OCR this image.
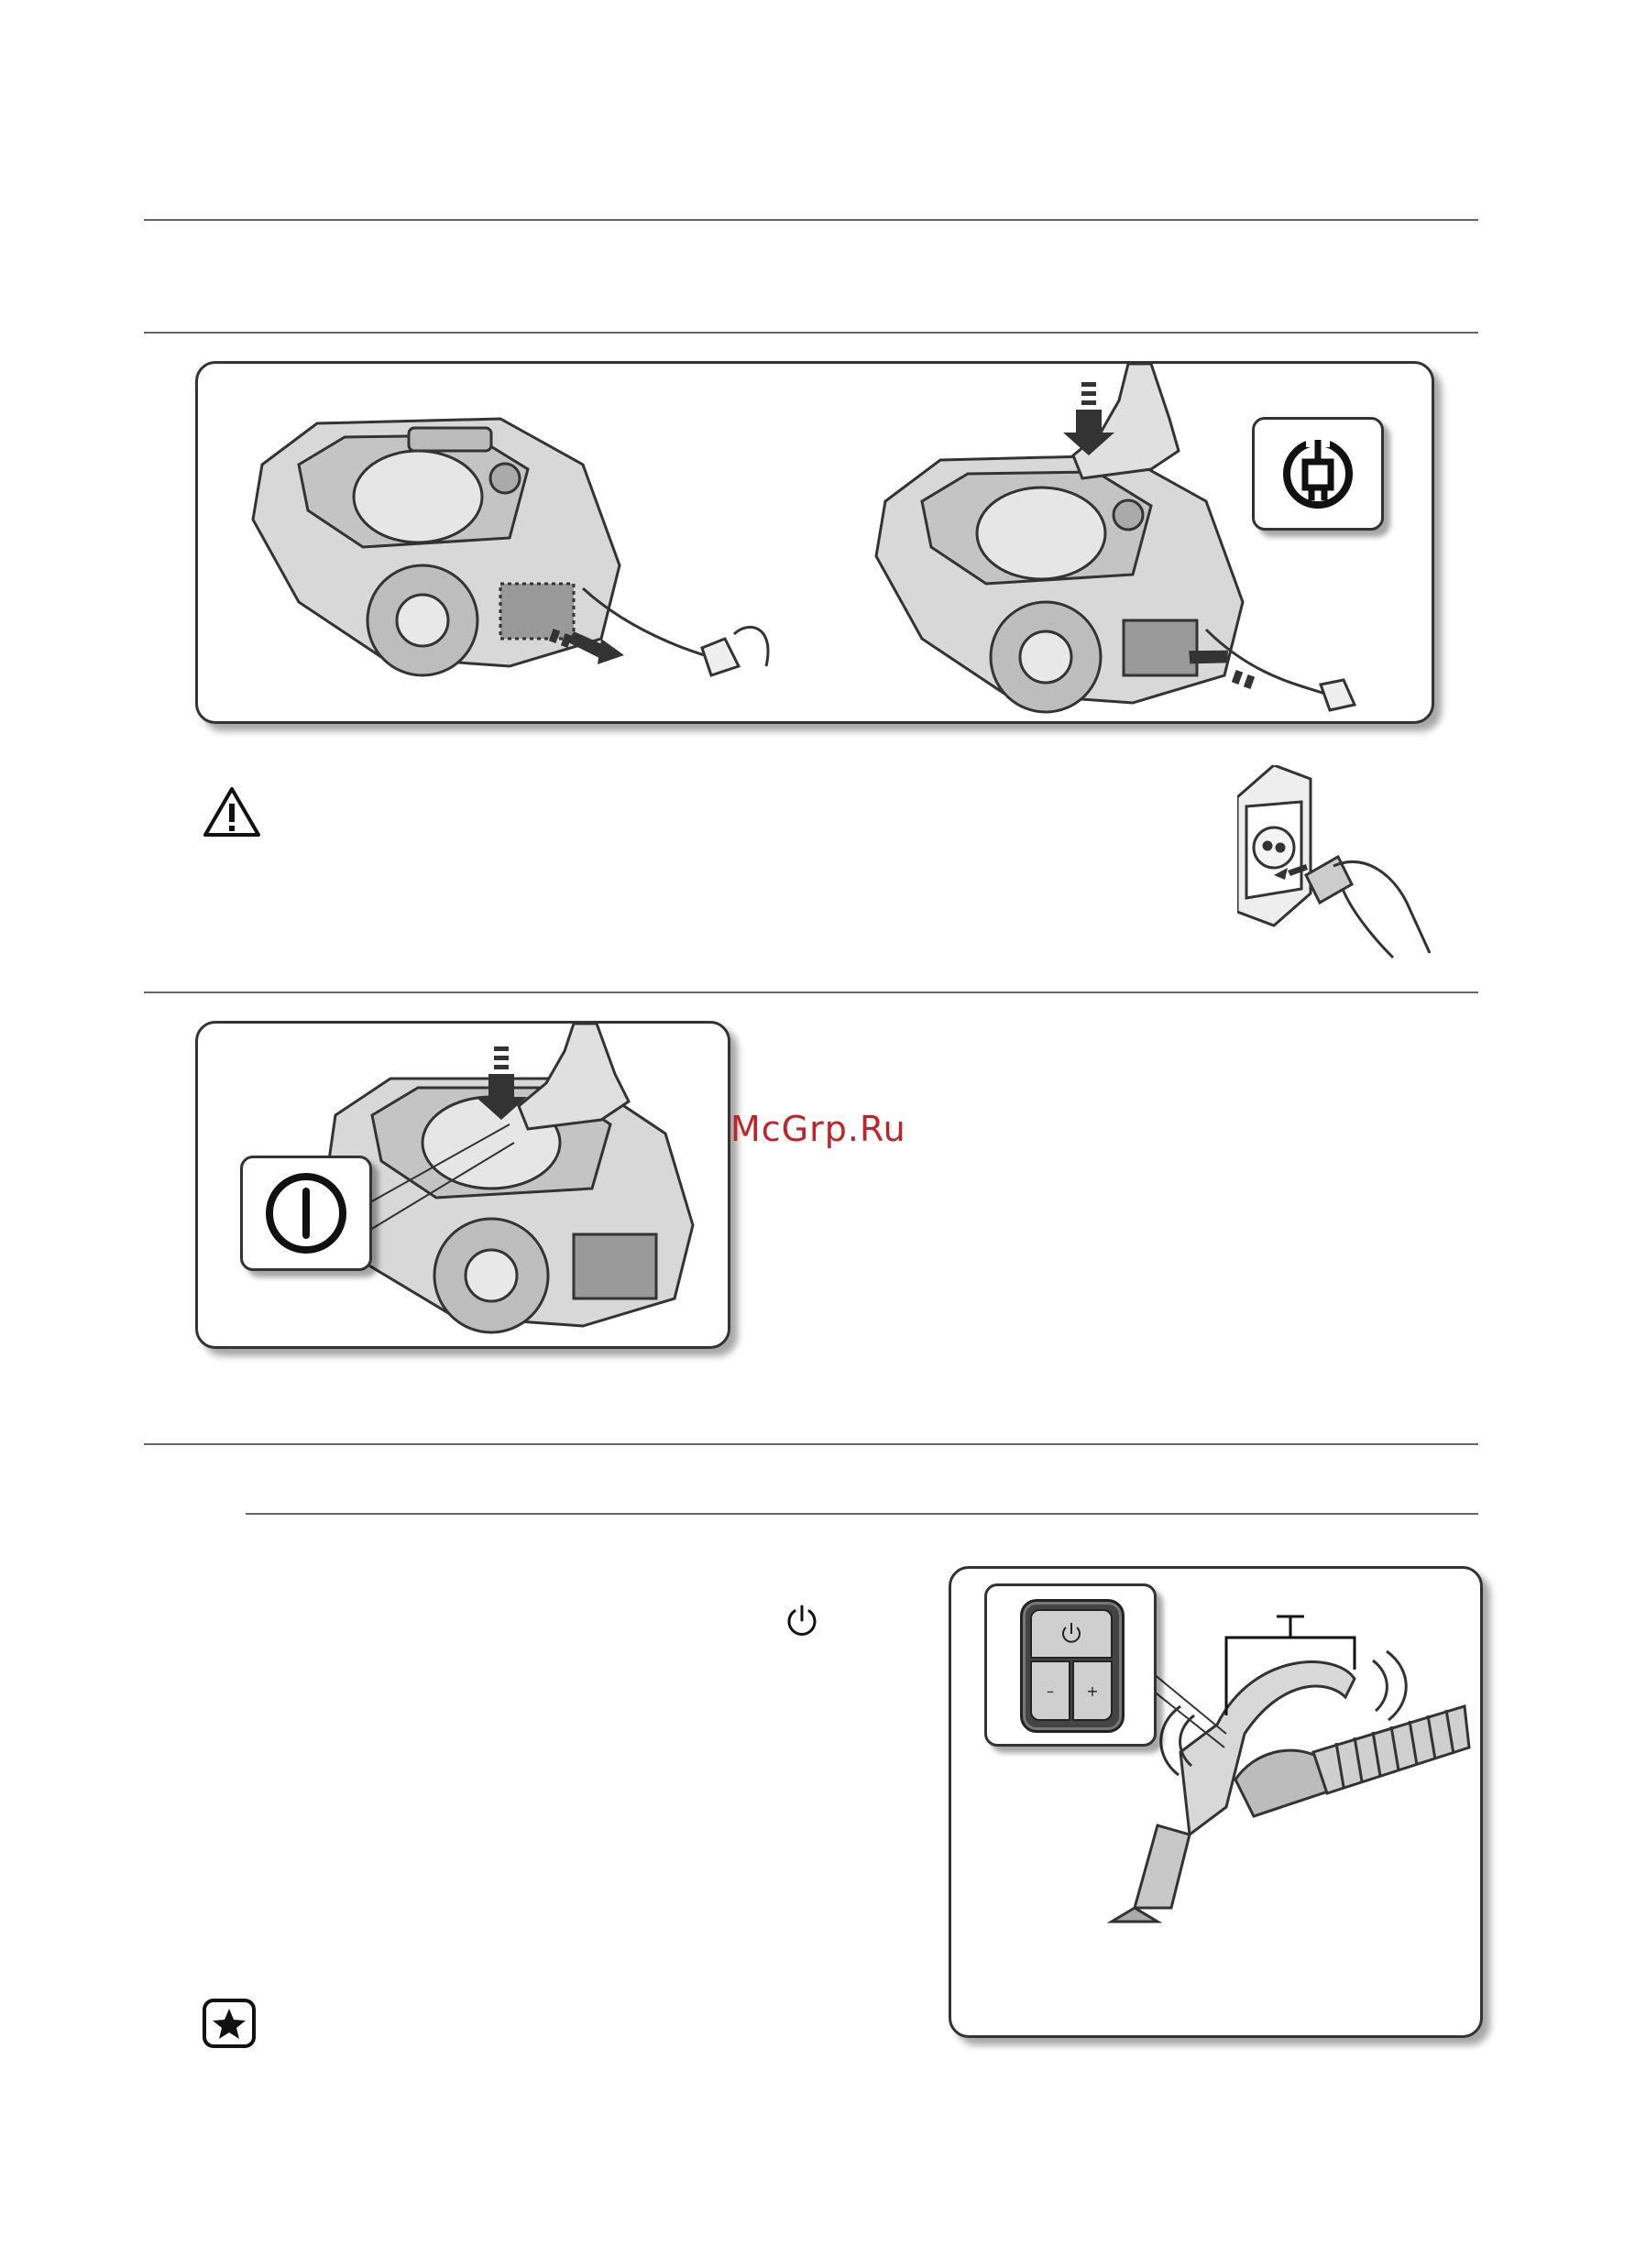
McGrp.Ru
– +
